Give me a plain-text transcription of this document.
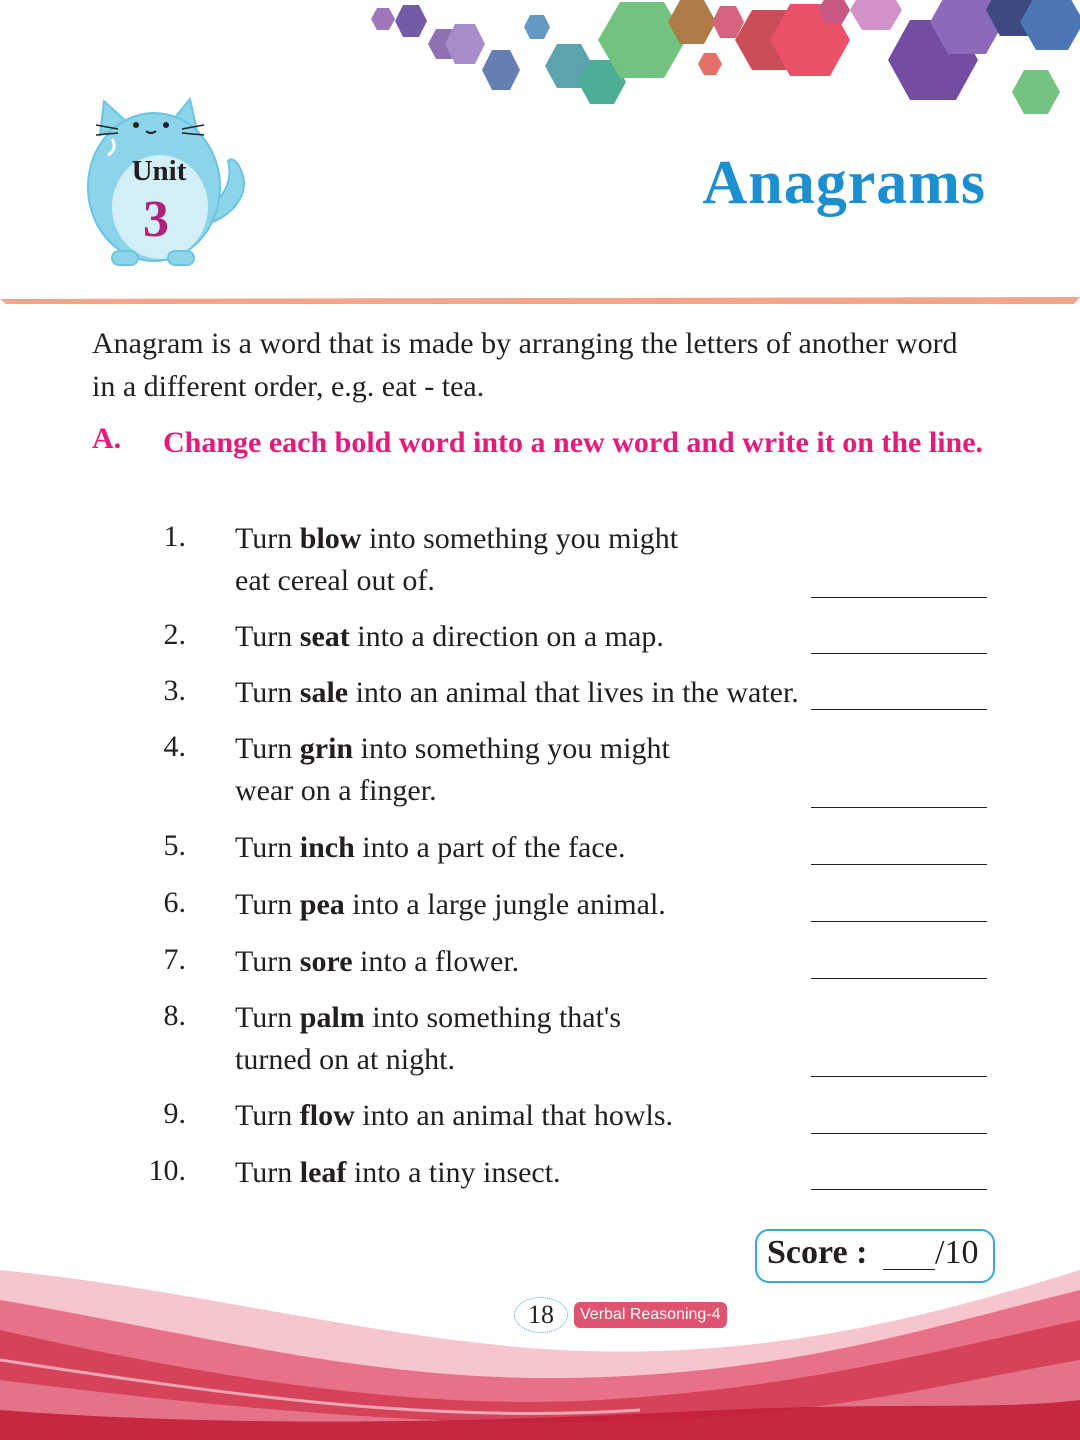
Unit
3
Anagrams
Anagram is a word that is made by arranging the letters of another word
in a different order, e.g. eat - tea.
A. Change each bold word into a new word and write it on the line.
1. Turn blow into something you might
eat cereal out of.
2. Turn seat into a direction on a map.
3. Turn sale into an animal that lives in the water.
4. Turn grin into something you might
wear on a finger.
5. Turn inch into a part of the face.
6. Turn pea into a large jungle animal.
7. Turn sore into a flower.
8. Turn palm into something that's
turned on at night.
9. Turn flow into an animal that howls.
10. Turn leaf into a tiny insect.
Score : /10
18	Verbal Reasoning-4
